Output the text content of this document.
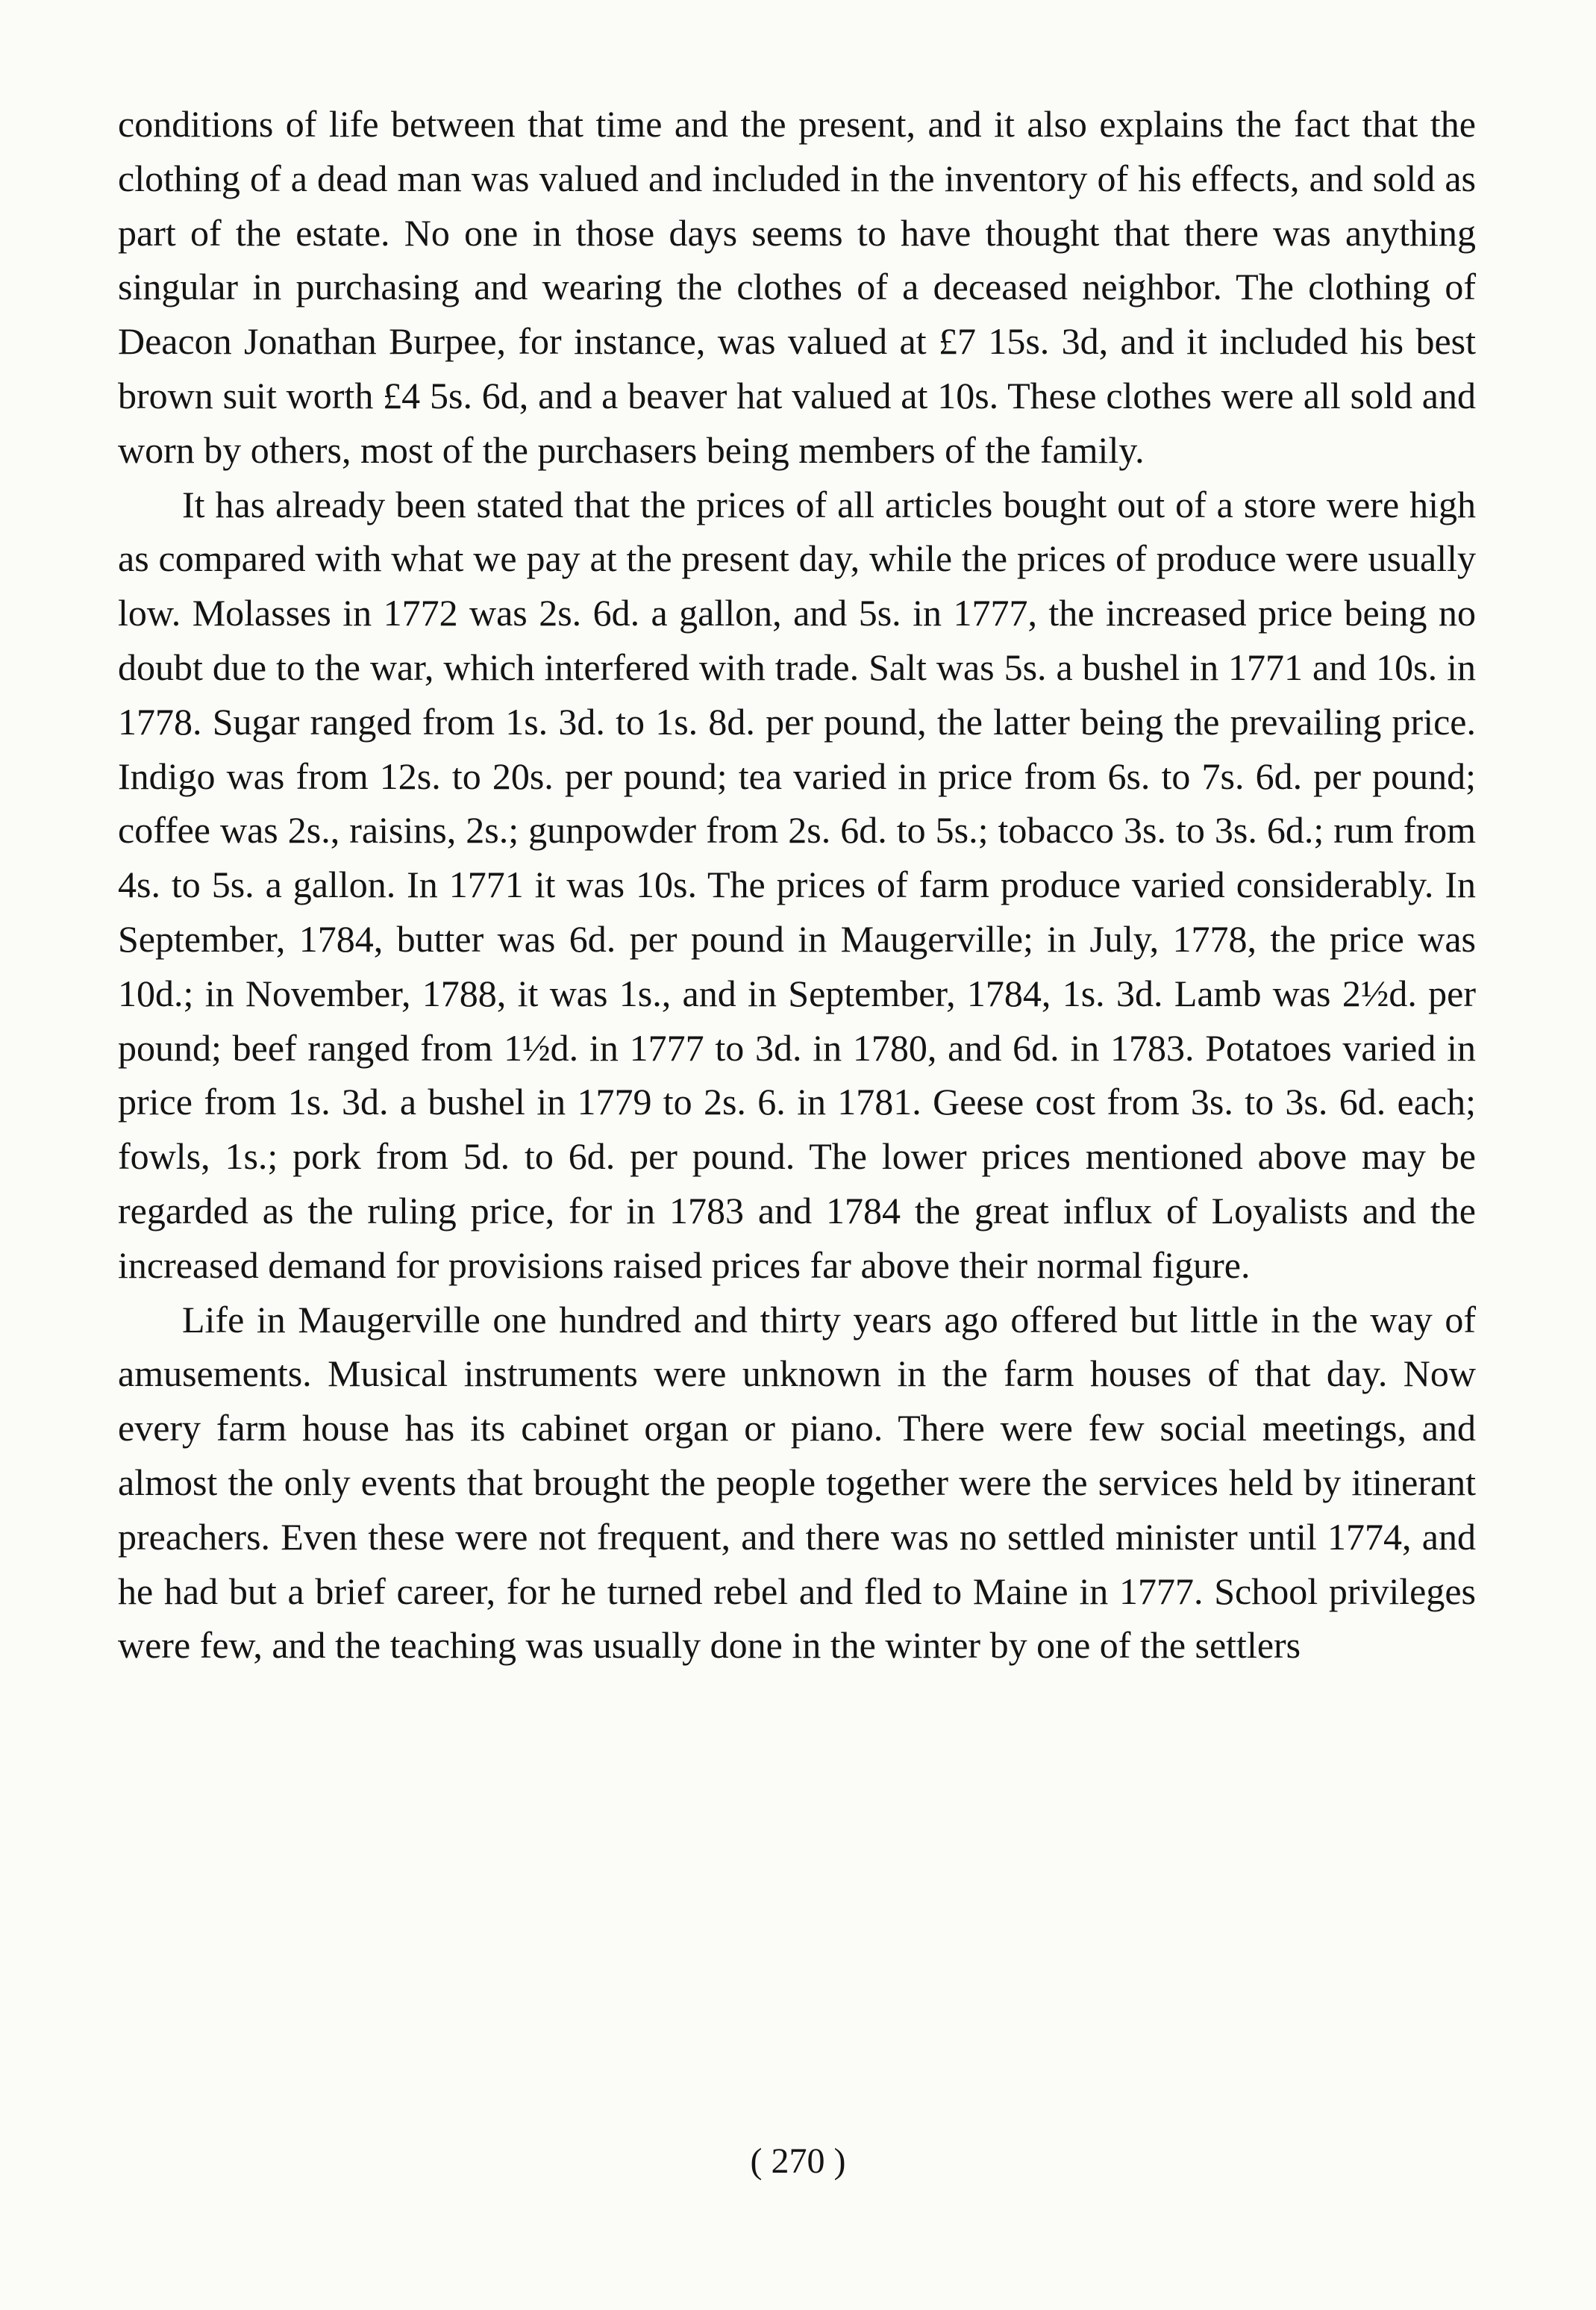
conditions of life between that time and the present, and it also explains the fact that the clothing of a dead man was valued and included in the inventory of his effects, and sold as part of the estate. No one in those days seems to have thought that there was anything singular in purchasing and wearing the clothes of a deceased neighbor. The clothing of Deacon Jonathan Burpee, for instance, was valued at £7 15s. 3d, and it included his best brown suit worth £4 5s. 6d, and a beaver hat valued at 10s. These clothes were all sold and worn by others, most of the purchasers being members of the family.

It has already been stated that the prices of all articles bought out of a store were high as compared with what we pay at the present day, while the prices of produce were usually low. Molasses in 1772 was 2s. 6d. a gallon, and 5s. in 1777, the increased price being no doubt due to the war, which interfered with trade. Salt was 5s. a bushel in 1771 and 10s. in 1778. Sugar ranged from 1s. 3d. to 1s. 8d. per pound, the latter being the prevailing price. Indigo was from 12s. to 20s. per pound; tea varied in price from 6s. to 7s. 6d. per pound; coffee was 2s., raisins, 2s.; gunpowder from 2s. 6d. to 5s.; tobacco 3s. to 3s. 6d.; rum from 4s. to 5s. a gallon. In 1771 it was 10s. The prices of farm produce varied considerably. In September, 1784, butter was 6d. per pound in Maugerville; in July, 1778, the price was 10d.; in November, 1788, it was 1s., and in September, 1784, 1s. 3d. Lamb was 2½d. per pound; beef ranged from 1½d. in 1777 to 3d. in 1780, and 6d. in 1783. Potatoes varied in price from 1s. 3d. a bushel in 1779 to 2s. 6. in 1781. Geese cost from 3s. to 3s. 6d. each; fowls, 1s.; pork from 5d. to 6d. per pound. The lower prices mentioned above may be regarded as the ruling price, for in 1783 and 1784 the great influx of Loyalists and the increased demand for provisions raised prices far above their normal figure.

Life in Maugerville one hundred and thirty years ago offered but little in the way of amusements. Musical instruments were unknown in the farm houses of that day. Now every farm house has its cabinet organ or piano. There were few social meetings, and almost the only events that brought the people together were the services held by itinerant preachers. Even these were not frequent, and there was no settled minister until 1774, and he had but a brief career, for he turned rebel and fled to Maine in 1777. School privileges were few, and the teaching was usually done in the winter by one of the settlers

( 270 )
